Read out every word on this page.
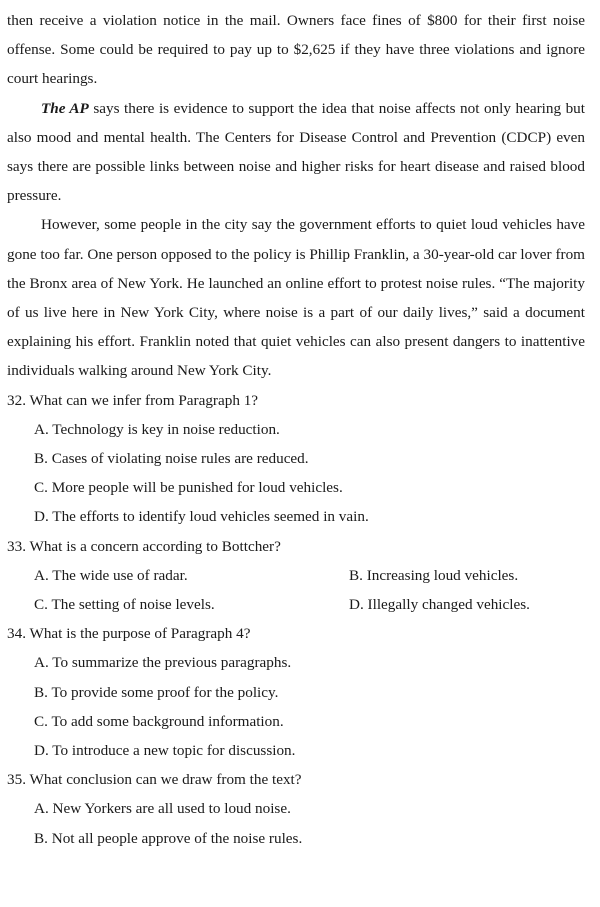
then receive a violation notice in the mail. Owners face fines of $800 for their first noise offense. Some could be required to pay up to $2,625 if they have three violations and ignore court hearings.

The AP says there is evidence to support the idea that noise affects not only hearing but also mood and mental health. The Centers for Disease Control and Prevention (CDCP) even says there are possible links between noise and higher risks for heart disease and raised blood pressure.

However, some people in the city say the government efforts to quiet loud vehicles have gone too far. One person opposed to the policy is Phillip Franklin, a 30-year-old car lover from the Bronx area of New York. He launched an online effort to protest noise rules. “The majority of us live here in New York City, where noise is a part of our daily lives,” said a document explaining his effort. Franklin noted that quiet vehicles can also present dangers to inattentive individuals walking around New York City.

32. What can we infer from Paragraph 1?

A. Technology is key in noise reduction.

B. Cases of violating noise rules are reduced.

C. More people will be punished for loud vehicles.

D. The efforts to identify loud vehicles seemed in vain.

33. What is a concern according to Bottcher?

A. The wide use of radar.	B. Increasing loud vehicles.
C. The setting of noise levels.	D. Illegally changed vehicles.

34. What is the purpose of Paragraph 4?

A. To summarize the previous paragraphs.

B. To provide some proof for the policy.

C. To add some background information.

D. To introduce a new topic for discussion.

35. What conclusion can we draw from the text?

A. New Yorkers are all used to loud noise.

B. Not all people approve of the noise rules.
